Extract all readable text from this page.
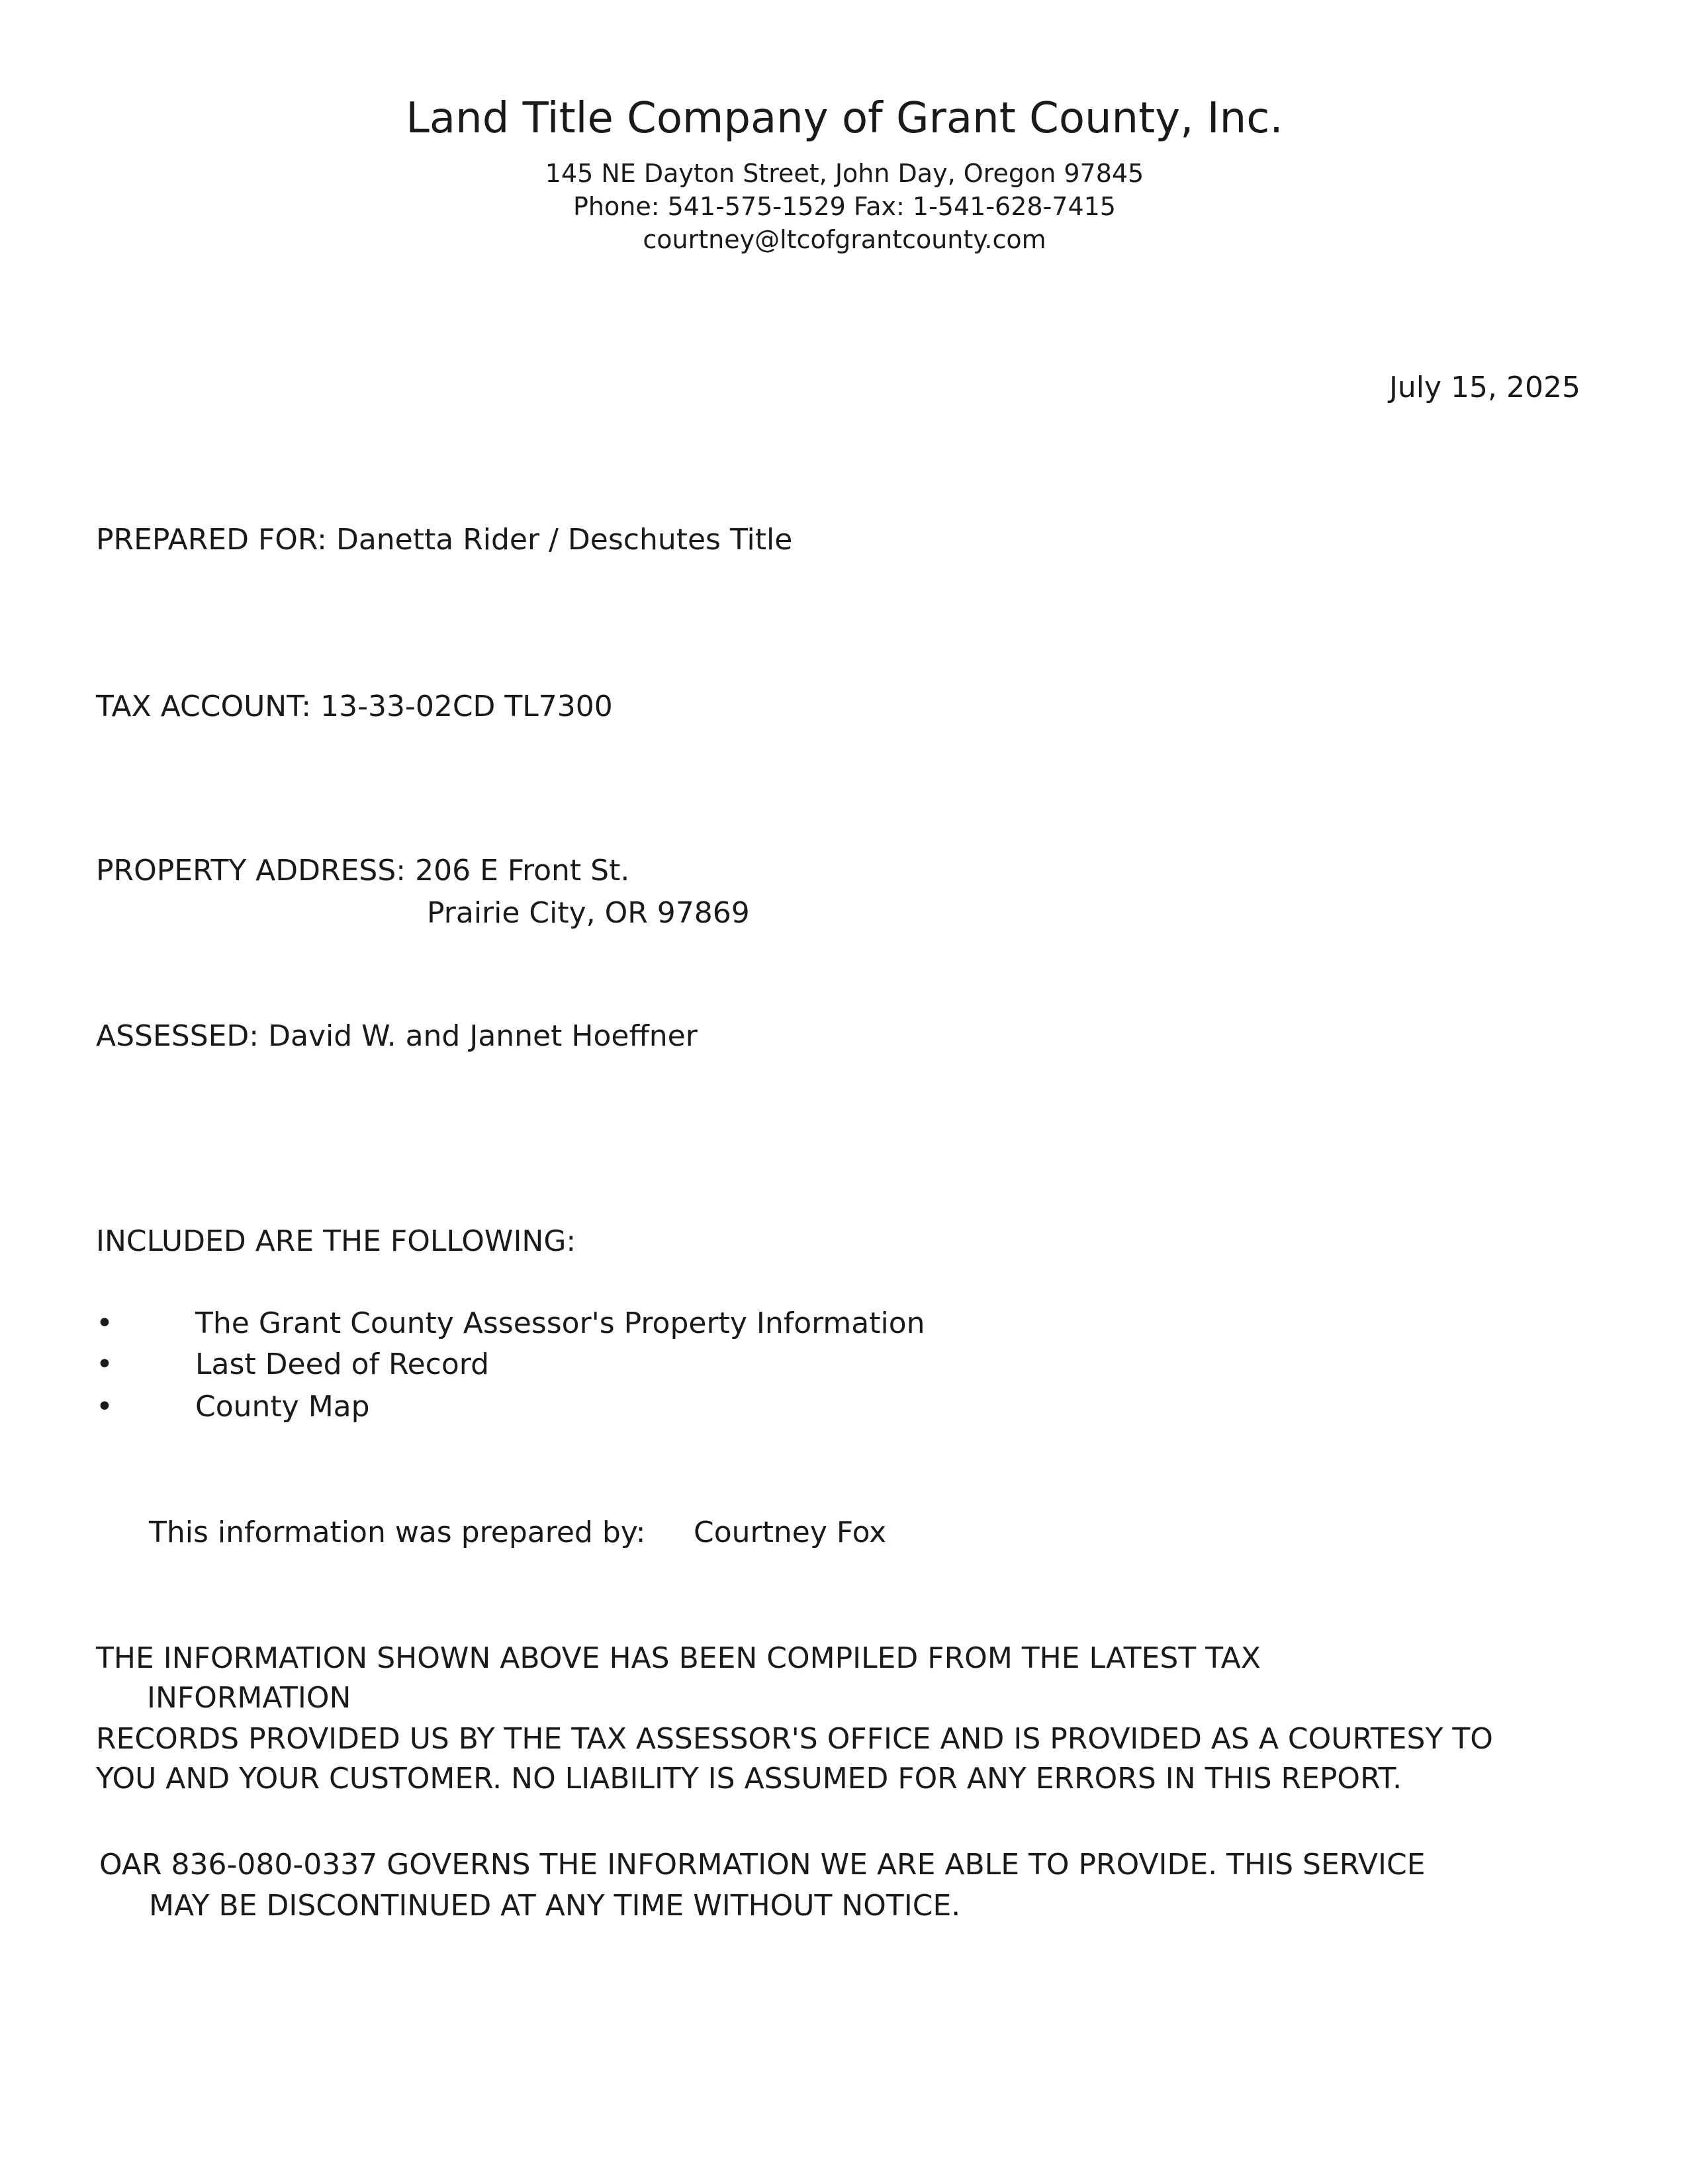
Land Title Company of Grant County, Inc.
145 NE Dayton Street, John Day, Oregon 97845
Phone: 541-575-1529 Fax: 1-541-628-7415
courtney@ltcofgrantcounty.com
July 15, 2025
PREPARED FOR: Danetta Rider / Deschutes Title
TAX ACCOUNT: 13-33-02CD TL7300
PROPERTY ADDRESS: 206 E Front St.
Prairie City, OR 97869
ASSESSED: David W. and Jannet Hoeffner
INCLUDED ARE THE FOLLOWING:
•	The Grant County Assessor's Property Information
•	Last Deed of Record
•	County Map
This information was prepared by: Courtney Fox
THE INFORMATION SHOWN ABOVE HAS BEEN COMPILED FROM THE LATEST TAX
INFORMATION
RECORDS PROVIDED US BY THE TAX ASSESSOR'S OFFICE AND IS PROVIDED AS A COURTESY TO
YOU AND YOUR CUSTOMER. NO LIABILITY IS ASSUMED FOR ANY ERRORS IN THIS REPORT.
OAR 836-080-0337 GOVERNS THE INFORMATION WE ARE ABLE TO PROVIDE. THIS SERVICE
MAY BE DISCONTINUED AT ANY TIME WITHOUT NOTICE.
